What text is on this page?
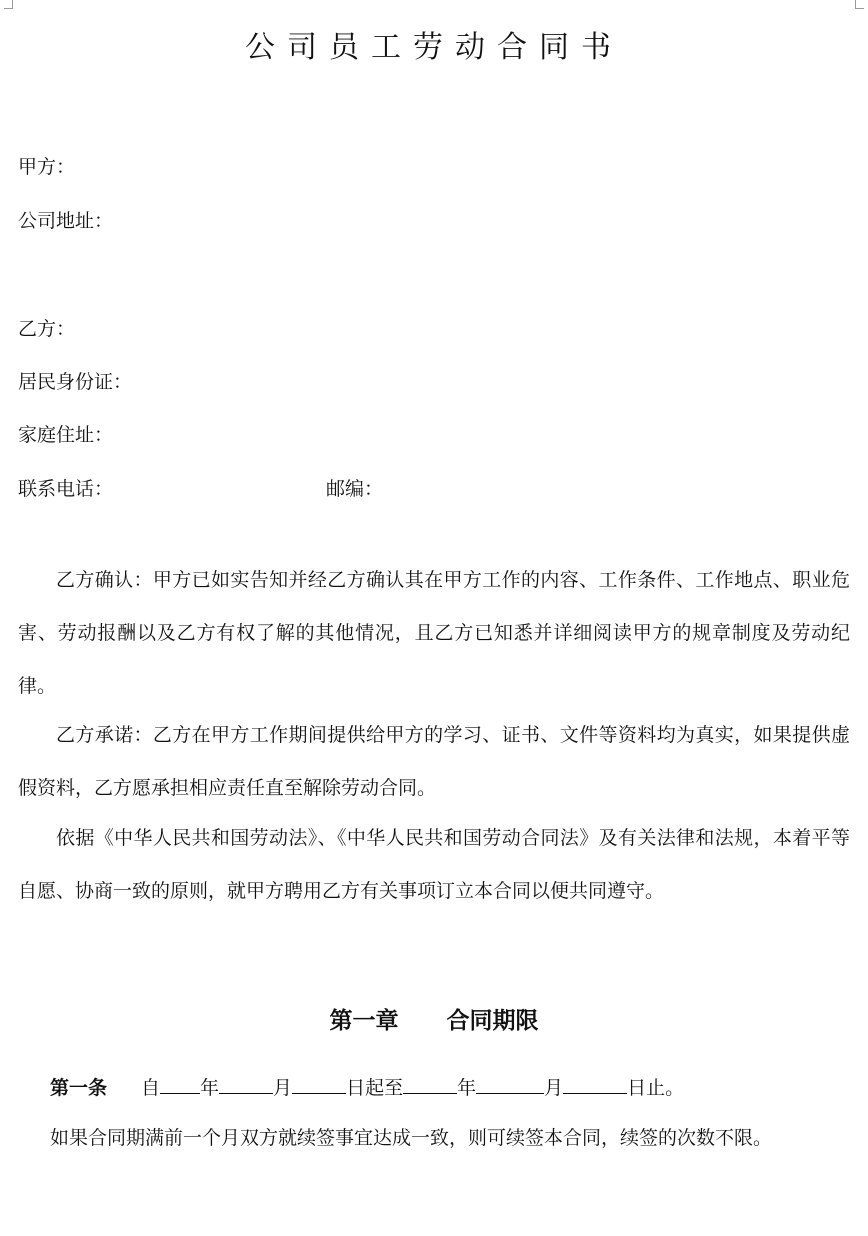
公司员工劳动合同书
甲方：
公司地址：
乙方：
居民身份证：
家庭住址：
联系电话：	邮编：

乙方确认：甲方已如实告知并经乙方确认其在甲方工作的内容、工作条件、工作地点、职业危害、劳动报酬以及乙方有权了解的其他情况，且乙方已知悉并详细阅读甲方的规章制度及劳动纪律。

乙方承诺：乙方在甲方工作期间提供给甲方的学习、证书、文件等资料均为真实，如果提供虚假资料，乙方愿承担相应责任直至解除劳动合同。

依据《中华人民共和国劳动法》、《中华人民共和国劳动合同法》及有关法律和法规，本着平等自愿、协商一致的原则，就甲方聘用乙方有关事项订立本合同以便共同遵守。

第一章      合同期限
第一条 自 年	月	日起至	年	月	日止。

如果合同期满前一个月双方就续签事宜达成一致，则可续签本合同，续签的次数不限。
